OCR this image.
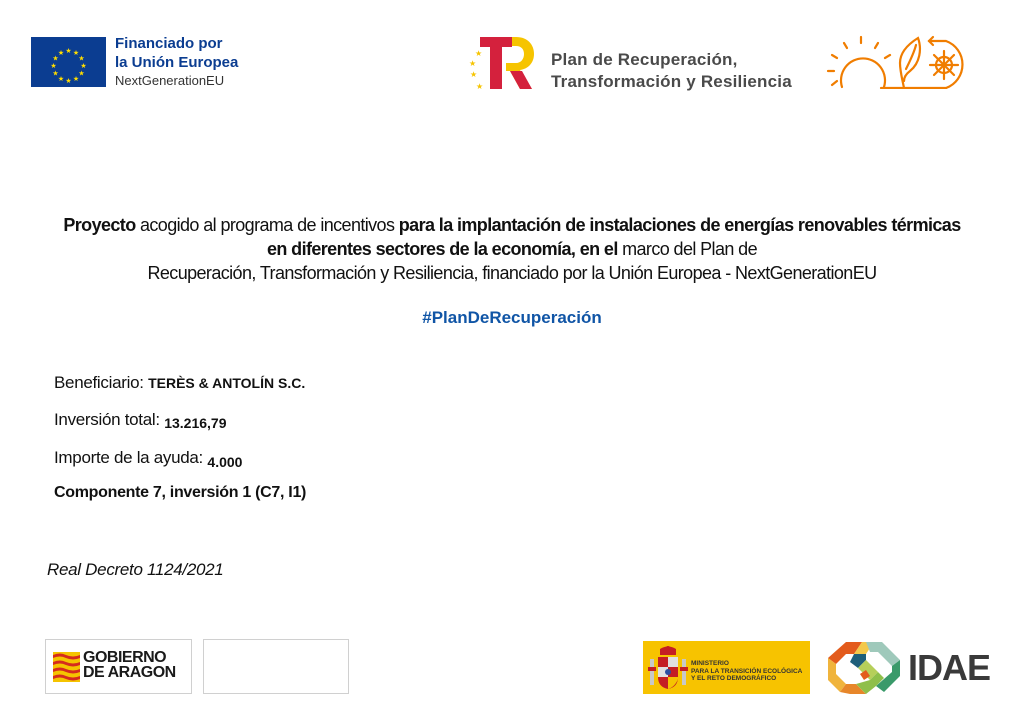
★ ★
★
★
★
★
★
★
★
★
★
★
Financiado por
la Unión Europea
NextGenerationEU
★
★
★
★
Plan de Recuperación,
Transformación y Resiliencia
Proyecto acogido al programa de incentivos para la implantación de instalaciones de energías renovables térmicas en diferentes sectores de la economía, en el marco del Plan de
Recuperación, Transformación y Resiliencia, financiado por la Unión Europea - NextGenerationEU
#PlanDeRecuperación
Beneficiario: TERÈS & ANTOLÍN S.C.
Inversión total: 13.216,79
Importe de la ayuda: $_{4.000}$
Componente 7, inversión 1 (C7, I1)
Real Decreto 1124/2021
GOBIERNO
DE ARAGON
MINISTERIO
PARA LA TRANSICIÓN ECOLÓGICA
Y EL RETO DEMOGRÁFICO	IDAE
